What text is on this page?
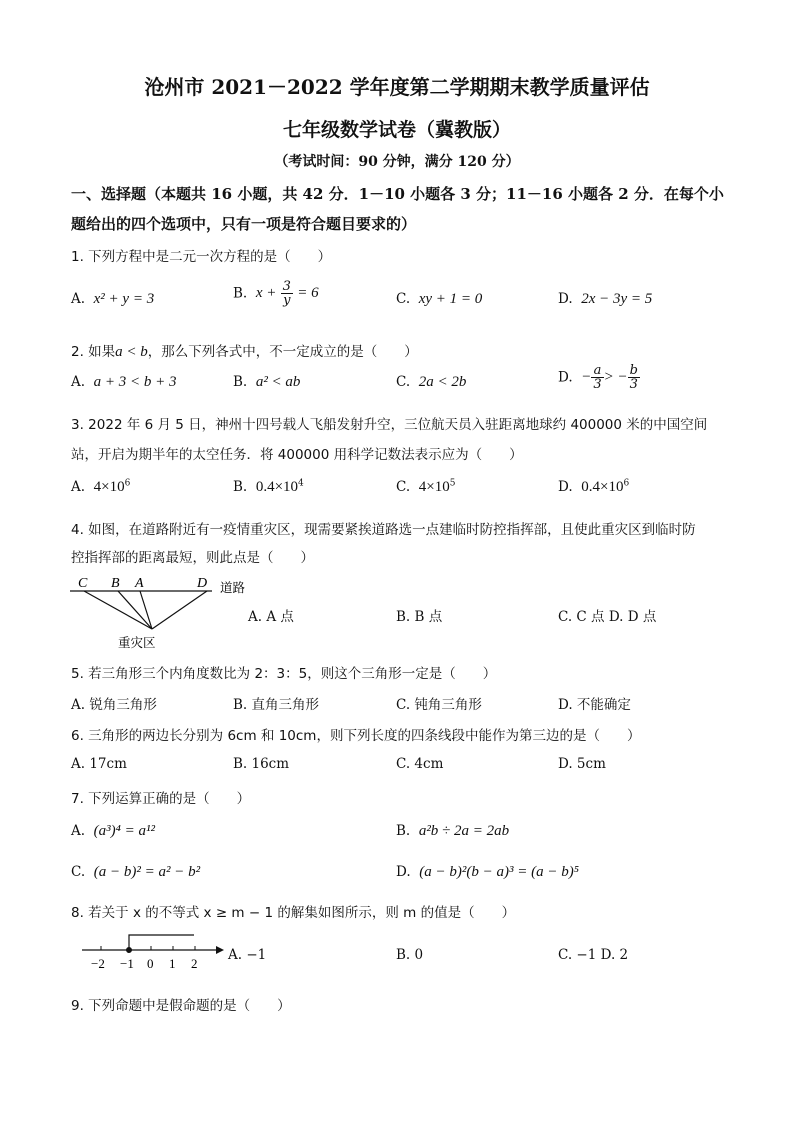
沧州市 2021－2022 学年度第二学期期末教学质量评估
七年级数学试卷（冀教版）
（考试时间：90 分钟，满分 120 分）
一、选择题（本题共 16 小题，共 42 分．1－10 小题各 3 分；11－16 小题各 2 分．在每个小
题给出的四个选项中，只有一项是符合题目要求的）
1. 下列方程中是二元一次方程的是（　　）
A. x² + y = 3	B. $x + \frac{3}{y} = 6$	C. xy + 1 = 0	D. 2x − 3y = 5
2. 如果a < b，那么下列各式中，不一定成立的是（　　）
A. a + 3 < b + 3	B. a² < ab	C. 2a < 2b	D. − $\frac{a}{3}$ > − $\frac{b}{3}$
3. 2022 年 6 月 5 日，神州十四号载人飞船发射升空，三位航天员入驻距离地球约 400000 米的中国空间
站，开启为期半年的太空任务．将 400000 用科学记数法表示应为（　　）
A. $4\times 10^6$	B. $0.4\times 10^4$	C. $4\times 10^5$	D. $0.4\times 10^6$
4. 如图，在道路附近有一疫情重灾区，现需要紧挨道路选一点建临时防控指挥部，且使此重灾区到临时防
控指挥部的距离最短，则此点是（　　）
C B A	D 道路
重灾区
A. A 点	B. B 点	C. C 点 D. D 点
5. 若三角形三个内角度数比为 2：3：5，则这个三角形一定是（　　）
A. 锐角三角形	B. 直角三角形	C. 钝角三角形	D. 不能确定
6. 三角形的两边长分别为 6cm 和 10cm，则下列长度的四条线段中能作为第三边的是（　　）
A. 17cm	B. 16cm	C. 4cm	D. 5cm
7. 下列运算正确的是（　　）
A. (a³)⁴ = a¹²	B. a²b ÷ 2a = 2ab
C. (a − b)² = a² − b²	D. (a − b)²(b − a)³ = (a − b)⁵
8. 若关于 x 的不等式 x ≥ m − 1 的解集如图所示，则 m 的值是（　　）
−2 −1 0 1 2
A. −1	B. 0	C. −1 D. 2
9. 下列命题中是假命题的是（　　）
